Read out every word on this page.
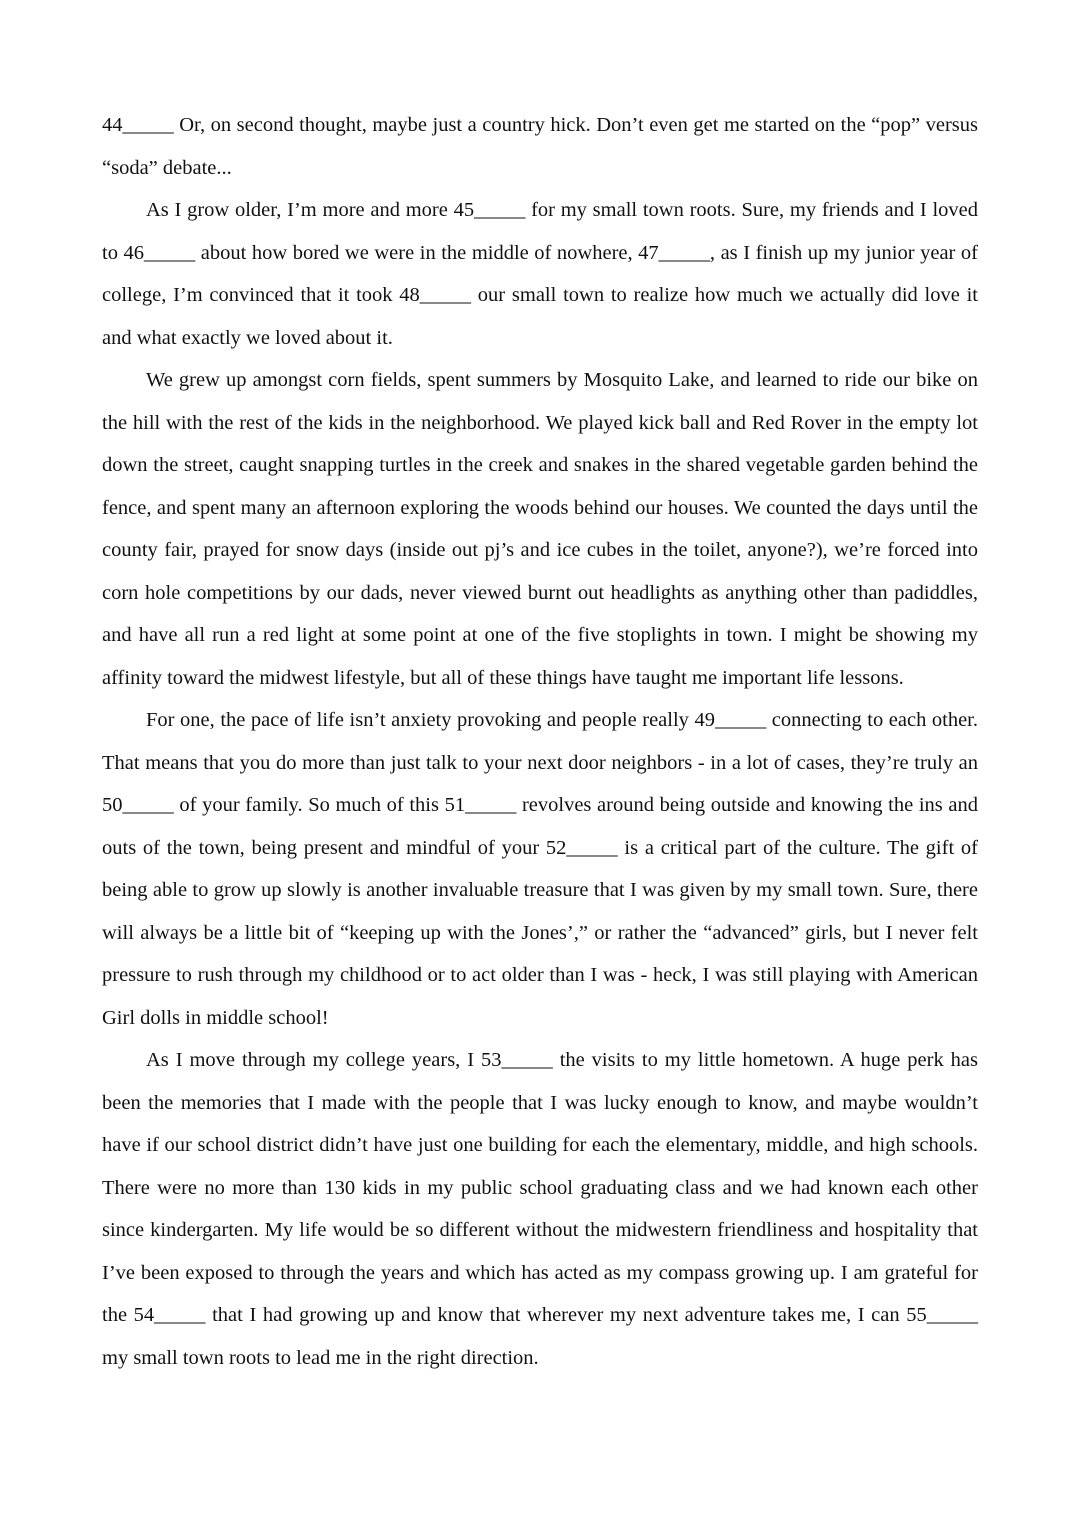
44_____ Or, on second thought, maybe just a country hick. Don’t even get me started on the “pop” versus “soda” debate...

As I grow older, I’m more and more 45_____ for my small town roots. Sure, my friends and I loved to 46_____ about how bored we were in the middle of nowhere, 47_____, as I finish up my junior year of college, I’m convinced that it took 48_____ our small town to realize how much we actually did love it and what exactly we loved about it.

We grew up amongst corn fields, spent summers by Mosquito Lake, and learned to ride our bike on the hill with the rest of the kids in the neighborhood. We played kick ball and Red Rover in the empty lot down the street, caught snapping turtles in the creek and snakes in the shared vegetable garden behind the fence, and spent many an afternoon exploring the woods behind our houses. We counted the days until the county fair, prayed for snow days (inside out pj’s and ice cubes in the toilet, anyone?), we’re forced into corn hole competitions by our dads, never viewed burnt out headlights as anything other than padiddles, and have all run a red light at some point at one of the five stoplights in town. I might be showing my affinity toward the midwest lifestyle, but all of these things have taught me important life lessons.

For one, the pace of life isn’t anxiety provoking and people really 49_____ connecting to each other. That means that you do more than just talk to your next door neighbors - in a lot of cases, they’re truly an 50_____ of your family. So much of this 51_____ revolves around being outside and knowing the ins and outs of the town, being present and mindful of your 52_____ is a critical part of the culture. The gift of being able to grow up slowly is another invaluable treasure that I was given by my small town. Sure, there will always be a little bit of “keeping up with the Jones’,” or rather the “advanced” girls, but I never felt pressure to rush through my childhood or to act older than I was - heck, I was still playing with American Girl dolls in middle school!

As I move through my college years, I 53_____ the visits to my little hometown. A huge perk has been the memories that I made with the people that I was lucky enough to know, and maybe wouldn’t have if our school district didn’t have just one building for each the elementary, middle, and high schools. There were no more than 130 kids in my public school graduating class and we had known each other since kindergarten. My life would be so different without the midwestern friendliness and hospitality that I’ve been exposed to through the years and which has acted as my compass growing up. I am grateful for the 54_____ that I had growing up and know that wherever my next adventure takes me, I can 55_____ my small town roots to lead me in the right direction.
